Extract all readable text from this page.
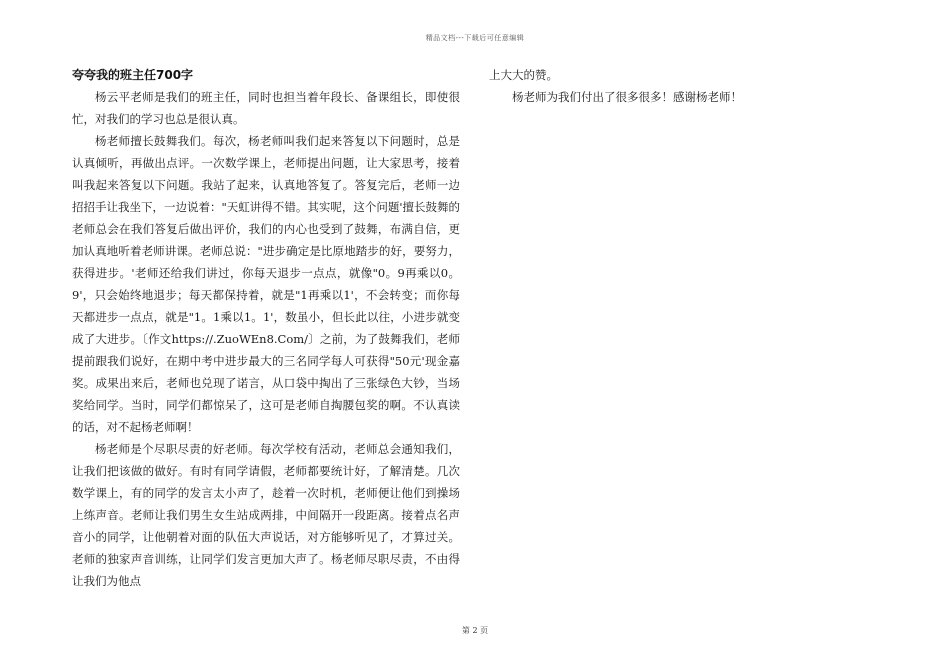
精品文档---下载后可任意编辑
夸夸我的班主任700字

杨云平老师是我们的班主任，同时也担当着年段长、备课组长，即使很忙，对我们的学习也总是很认真。

杨老师擅长鼓舞我们。每次，杨老师叫我们起来答复以下问题时，总是认真倾听，再做出点评。一次数学课上，老师提出问题，让大家思考，接着叫我起来答复以下问题。我站了起来，认真地答复了。答复完后，老师一边招招手让我坐下，一边说着："天虹讲得不错。其实呢，这个问题'擅长鼓舞的老师总会在我们答复后做出评价，我们的内心也受到了鼓舞，布满自信，更加认真地听着老师讲课。老师总说："进步确定是比原地踏步的好，要努力，获得进步。'老师还给我们讲过，你每天退步一点点，就像"0。9再乘以0。9'，只会始终地退步；每天都保持着，就是"1再乘以1'，不会转变；而你每天都进步一点点，就是"1。1乘以1。1'，数虽小，但长此以往，小进步就变成了大进步。〔作文https://.ZuoWEn8.Com/〕之前，为了鼓舞我们，老师提前跟我们说好，在期中考中进步最大的三名同学每人可获得"50元'现金嘉奖。成果出来后，老师也兑现了诺言，从口袋中掏出了三张绿色大钞，当场奖给同学。当时，同学们都惊呆了，这可是老师自掏腰包奖的啊。不认真读的话，对不起杨老师啊！

杨老师是个尽职尽责的好老师。每次学校有活动，老师总会通知我们，让我们把该做的做好。有时有同学请假，老师都要统计好，了解清楚。几次数学课上，有的同学的发言太小声了，趁着一次时机，老师便让他们到操场上练声音。老师让我们男生女生站成两排，中间隔开一段距离。接着点名声音小的同学，让他朝着对面的队伍大声说话，对方能够听见了，才算过关。老师的独家声音训练，让同学们发言更加大声了。杨老师尽职尽责，不由得让我们为他点

上大大的赞。

杨老师为我们付出了很多很多！感谢杨老师！

第 2 页
